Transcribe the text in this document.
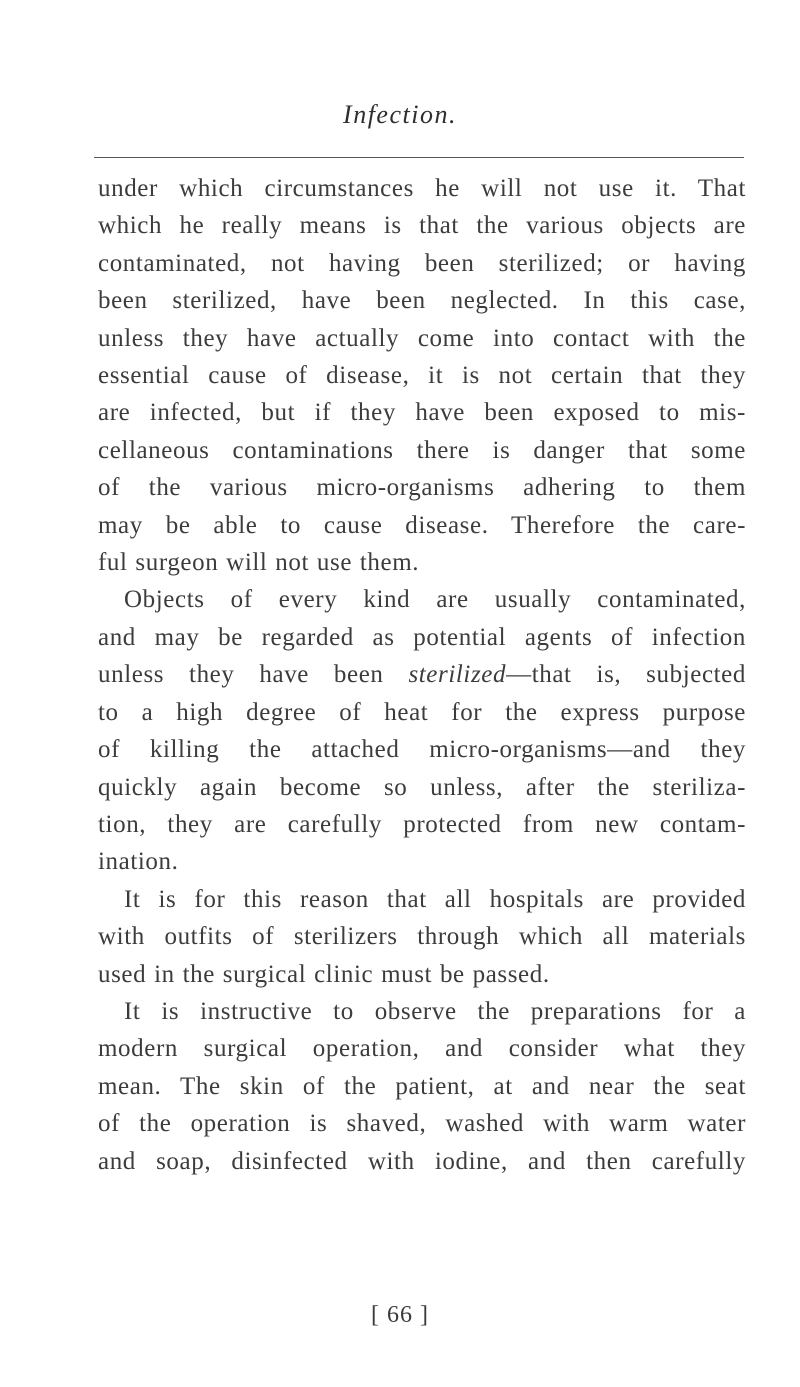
Infection.

under which circumstances he will not use it. That
which he really means is that the various objects are
contaminated, not having been sterilized; or having
been sterilized, have been neglected. In this case,
unless they have actually come into contact with the
essential cause of disease, it is not certain that they
are infected, but if they have been exposed to mis-
cellaneous contaminations there is danger that some
of the various micro-organisms adhering to them
may be able to cause disease. Therefore the care-
ful surgeon will not use them.

Objects of every kind are usually contaminated,
and may be regarded as potential agents of infection
unless they have been sterilized—that is, subjected
to a high degree of heat for the express purpose
of killing the attached micro-organisms—and they
quickly again become so unless, after the steriliza-
tion, they are carefully protected from new contam-
ination.

It is for this reason that all hospitals are provided
with outfits of sterilizers through which all materials
used in the surgical clinic must be passed.

It is instructive to observe the preparations for a
modern surgical operation, and consider what they
mean. The skin of the patient, at and near the seat
of the operation is shaved, washed with warm water
and soap, disinfected with iodine, and then carefully

[ 66 ]
